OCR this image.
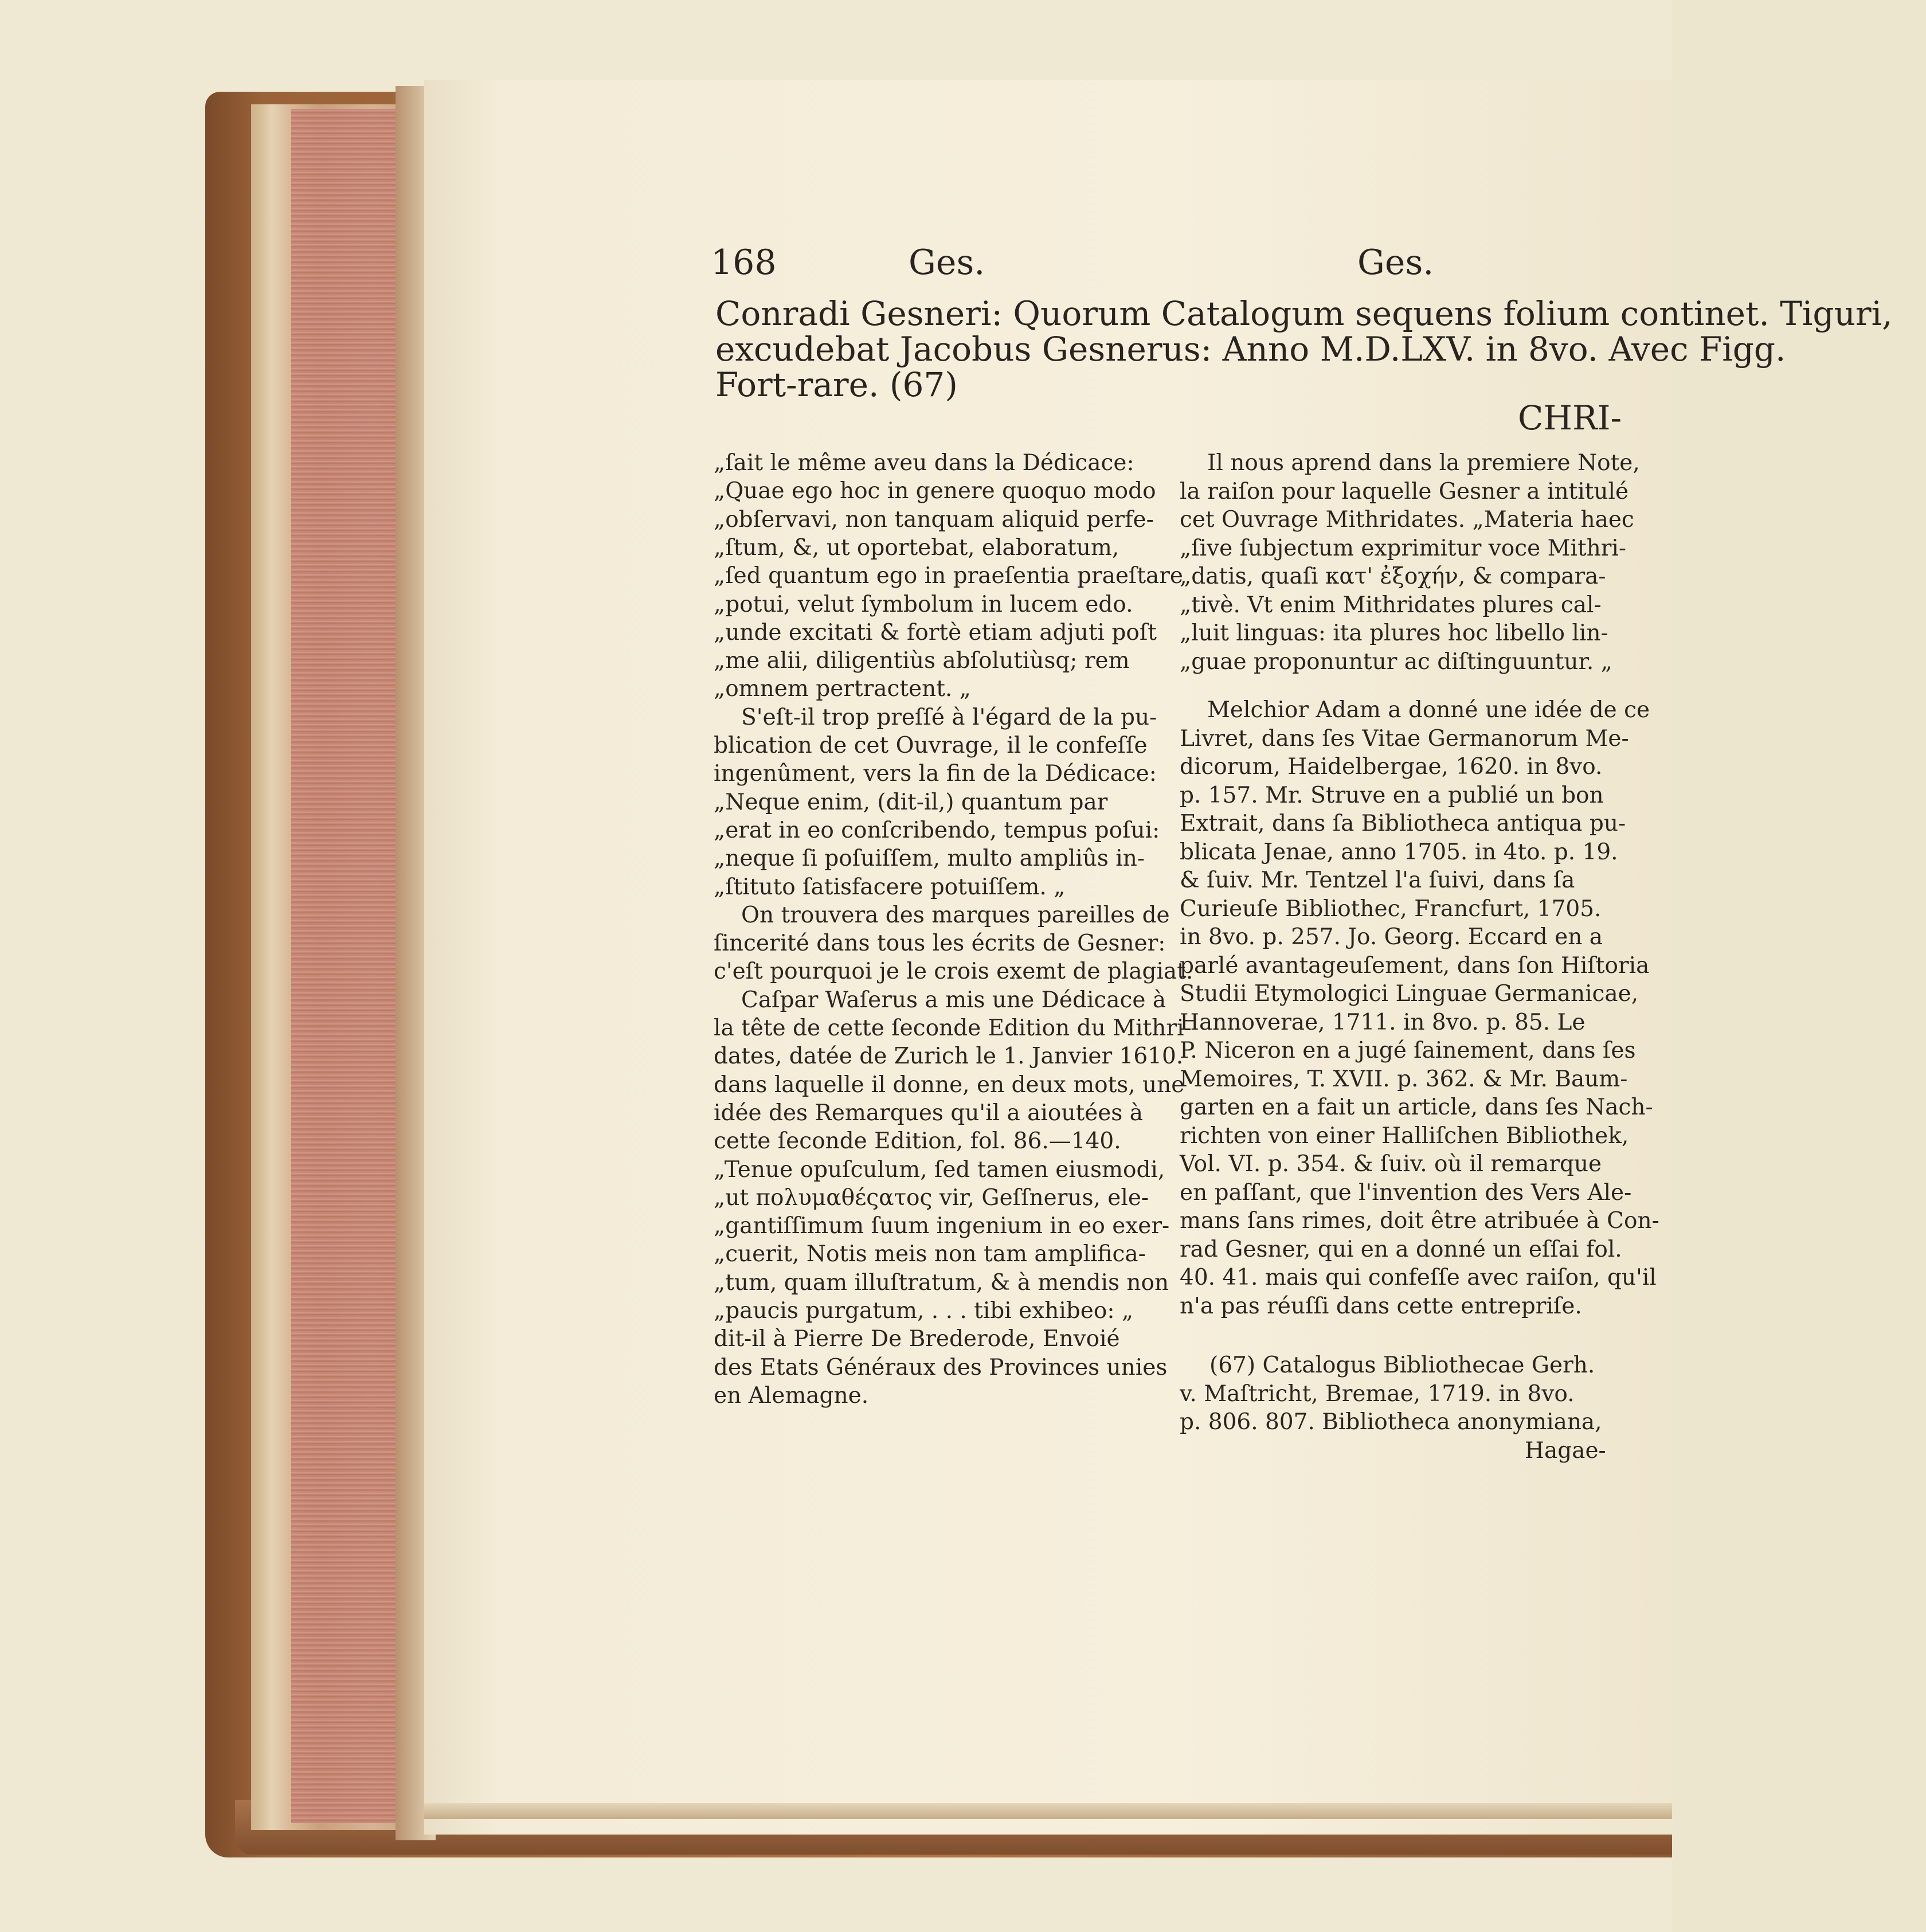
168	Ges.	Ges.
Conradi Gesneri: Quorum Catalogum sequens folium continet. Tiguri,
excudebat Jacobus Gesnerus: Anno M.D.LXV. in 8vo. Avec Figg.
Fort-rare. (67)
CHRI-
„ſait le même aveu dans la Dédicace:
„Quae ego hoc in genere quoquo modo
„obſervavi, non tanquam aliquid perfe-
„ſtum, &, ut oportebat, elaboratum,
„ſed quantum ego in praeſentia praeſtare
„potui, velut ſymbolum in lucem edo.
„unde excitati & fortè etiam adjuti poſt
„me alii, diligentiùs abſolutiùsq; rem
„omnem pertractent. „
S'eſt-il trop preſſé à l'égard de la pu-
blication de cet Ouvrage, il le confeſſe
ingenûment, vers la fin de la Dédicace:
„Neque enim, (dit-il,) quantum par
„erat in eo conſcribendo, tempus poſui:
„neque ſi poſuiſſem, multo ampliûs in-
„ſtituto ſatisfacere potuiſſem. „
On trouvera des marques pareilles de
ſincerité dans tous les écrits de Gesner:
c'eſt pourquoi je le crois exemt de plagiat.
Caſpar Waſerus a mis une Dédicace à
la tête de cette ſeconde Edition du Mithri-
dates, datée de Zurich le 1. Janvier 1610.
dans laquelle il donne, en deux mots, une
idée des Remarques qu'il a aioutées à
cette ſeconde Edition, fol. 86.—140.
„Tenue opuſculum, ſed tamen eiusmodi,
„ut πολυμαθέςατος vir, Geſſnerus, ele-
„gantiſſimum ſuum ingenium in eo exer-
„cuerit, Notis meis non tam amplifica-
„tum, quam illuſtratum, & à mendis non
„paucis purgatum, . . . tibi exhibeo: „
dit-il à Pierre De Brederode, Envoié
des Etats Généraux des Provinces unies
en Alemagne.
Il nous aprend dans la premiere Note,
la raiſon pour laquelle Gesner a intitulé
cet Ouvrage Mithridates. „Materia haec
„ſive ſubjectum exprimitur voce Mithri-
„datis, quaſi κατ' ἐξοχήν, & compara-
„tivè. Vt enim Mithridates plures cal-
„luit linguas: ita plures hoc libello lin-
„guae proponuntur ac diſtinguuntur. „
Melchior Adam a donné une idée de ce
Livret, dans ſes Vitae Germanorum Me-
dicorum, Haidelbergae, 1620. in 8vo.
p. 157. Mr. Struve en a publié un bon
Extrait, dans ſa Bibliotheca antiqua pu-
blicata Jenae, anno 1705. in 4to. p. 19.
& ſuiv. Mr. Tentzel l'a ſuivi, dans ſa
Curieuſe Bibliothec, Francfurt, 1705.
in 8vo. p. 257. Jo. Georg. Eccard en a
parlé avantageuſement, dans ſon Hiſtoria
Studii Etymologici Linguae Germanicae,
Hannoverae, 1711. in 8vo. p. 85. Le
P. Niceron en a jugé ſainement, dans ſes
Memoires, T. XVII. p. 362. & Mr. Baum-
garten en a fait un article, dans ſes Nach-
richten von einer Halliſchen Bibliothek,
Vol. VI. p. 354. & ſuiv. où il remarque
en paſſant, que l'invention des Vers Ale-
mans ſans rimes, doit être atribuée à Con-
rad Gesner, qui en a donné un eſſai fol.
40. 41. mais qui confeſſe avec raiſon, qu'il
n'a pas réuſſi dans cette entrepriſe.
(67) Catalogus Bibliothecae Gerh.
v. Maſtricht, Bremae, 1719. in 8vo.
p. 806. 807. Bibliotheca anonymiana,
Hagae-
